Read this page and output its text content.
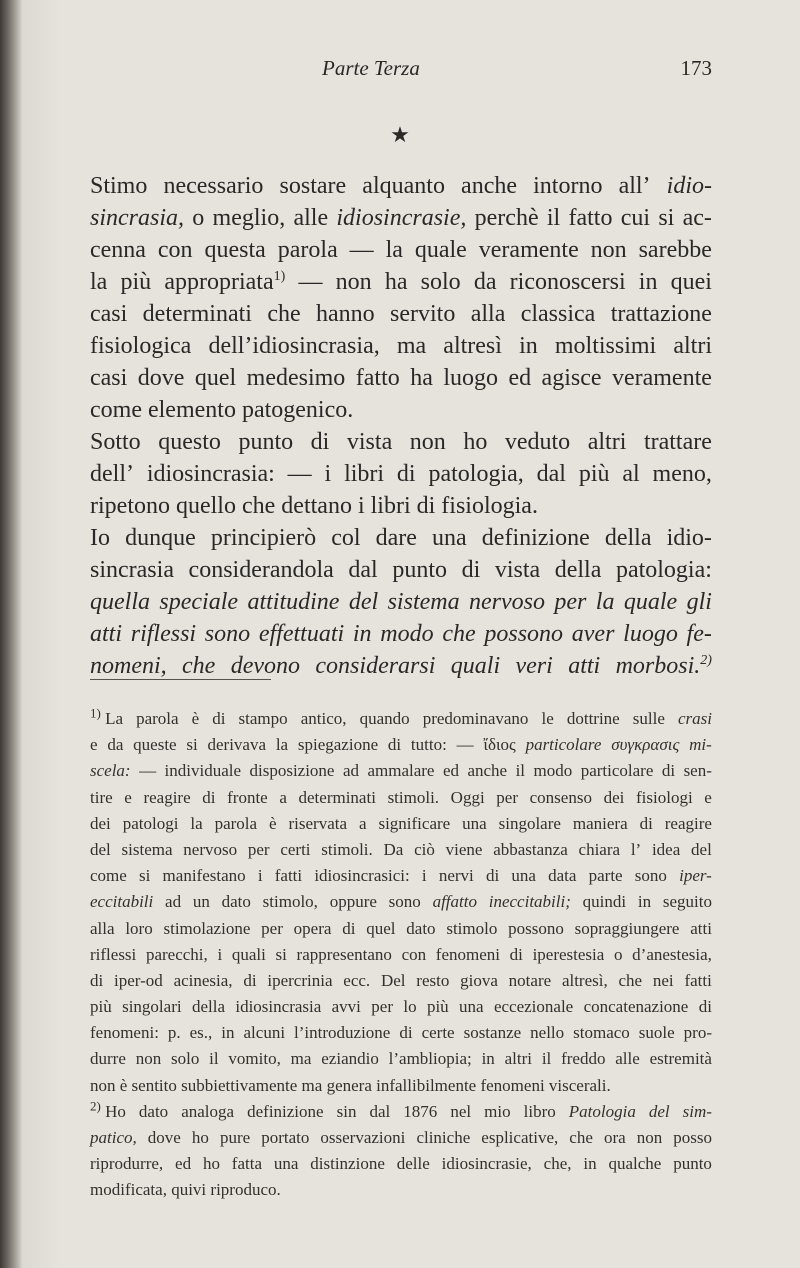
Parte Terza	173
★
Stimo necessario sostare alquanto anche intorno all’ idio-
sincrasia, o meglio, alle idiosincrasie, perchè il fatto cui si ac-
cenna con questa parola — la quale veramente non sarebbe
la più appropriata$^{1)}$ — non ha solo da riconoscersi in quei
casi determinati che hanno servito alla classica trattazione
fisiologica dell’idiosincrasia, ma altresì in moltissimi altri
casi dove quel medesimo fatto ha luogo ed agisce veramente
come elemento patogenico.
Sotto questo punto di vista non ho veduto altri trattare
dell’ idiosincrasia: — i libri di patologia, dal più al meno,
ripetono quello che dettano i libri di fisiologia.
Io dunque principierò col dare una definizione della idio-
sincrasia considerandola dal punto di vista della patologia:
quella speciale attitudine del sistema nervoso per la quale gli
atti riflessi sono effettuati in modo che possono aver luogo fe-
nomeni, che devono considerarsi quali veri atti morbosi.$^{2)}$
$^{1)}$ La parola è di stampo antico, quando predominavano le dottrine sulle crasi
e da queste si derivava la spiegazione di tutto: — ἴδιος particolare συγκρασις mi-
scela: — individuale disposizione ad ammalare ed anche il modo particolare di sen-
tire e reagire di fronte a determinati stimoli. Oggi per consenso dei fisiologi e
dei patologi la parola è riservata a significare una singolare maniera di reagire
del sistema nervoso per certi stimoli. Da ciò viene abbastanza chiara l’ idea del
come si manifestano i fatti idiosincrasici: i nervi di una data parte sono iper-
eccitabili ad un dato stimolo, oppure sono affatto ineccitabili; quindi in seguito
alla loro stimolazione per opera di quel dato stimolo possono sopraggiungere atti
riflessi parecchi, i quali si rappresentano con fenomeni di iperestesia o d’anestesia,
di iper-od acinesia, di ipercrinia ecc. Del resto giova notare altresì, che nei fatti
più singolari della idiosincrasia avvi per lo più una eccezionale concatenazione di
fenomeni: p. es., in alcuni l’introduzione di certe sostanze nello stomaco suole pro-
durre non solo il vomito, ma eziandio l’ambliopia; in altri il freddo alle estremità
non è sentito subbiettivamente ma genera infallibilmente fenomeni viscerali.
$^{2)}$ Ho dato analoga definizione sin dal 1876 nel mio libro Patologia del sim-
patico, dove ho pure portato osservazioni cliniche esplicative, che ora non posso
riprodurre, ed ho fatta una distinzione delle idiosincrasie, che, in qualche punto
modificata, quivi riproduco.
